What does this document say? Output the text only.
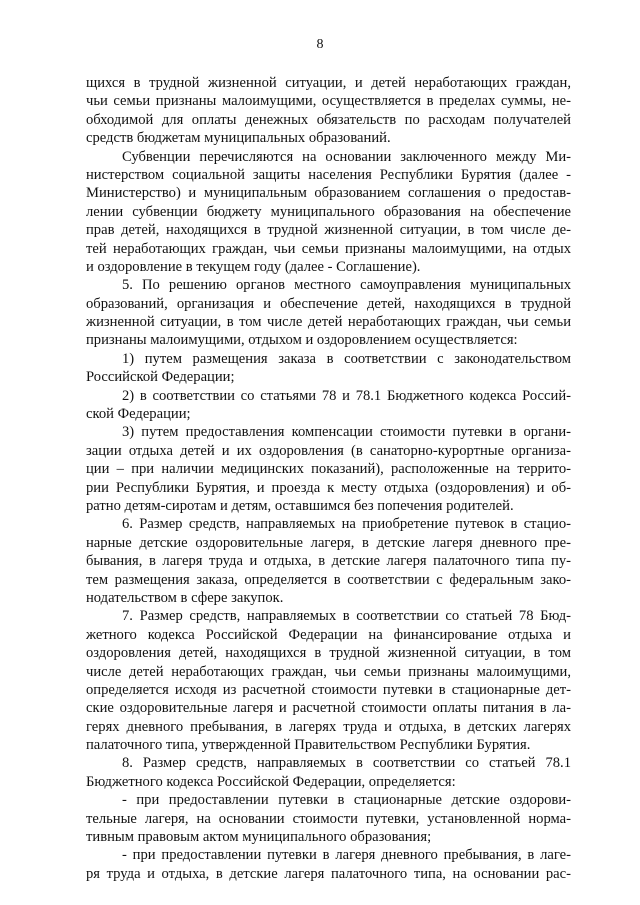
8
щихся в трудной жизненной ситуации, и детей неработающих граждан,
чьи семьи признаны малоимущими, осуществляется в пределах суммы, не-
обходимой для оплаты денежных обязательств по расходам получателей
средств бюджетам муниципальных образований.
Субвенции перечисляются на основании заключенного между Ми-
нистерством социальной защиты населения Республики Бурятия (далее -
Министерство) и муниципальным образованием соглашения о предостав-
лении субвенции бюджету муниципального образования на обеспечение
прав детей, находящихся в трудной жизненной ситуации, в том числе де-
тей неработающих граждан, чьи семьи признаны малоимущими, на отдых
и оздоровление в текущем году (далее - Соглашение).
5. По решению органов местного самоуправления муниципальных
образований, организация и обеспечение детей, находящихся в трудной
жизненной ситуации, в том числе детей неработающих граждан, чьи семьи
признаны малоимущими, отдыхом и оздоровлением осуществляется:
1) путем размещения заказа в соответствии с законодательством
Российской Федерации;
2) в соответствии со статьями 78 и 78.1 Бюджетного кодекса Россий-
ской Федерации;
3) путем предоставления компенсации стоимости путевки в органи-
зации отдыха детей и их оздоровления (в санаторно-курортные организа-
ции – при наличии медицинских показаний), расположенные на террито-
рии Республики Бурятия, и проезда к месту отдыха (оздоровления) и об-
ратно детям-сиротам и детям, оставшимся без попечения родителей.
6. Размер средств, направляемых на приобретение путевок в стацио-
нарные детские оздоровительные лагеря, в детские лагеря дневного пре-
бывания, в лагеря труда и отдыха, в детские лагеря палаточного типа пу-
тем размещения заказа, определяется в соответствии с федеральным зако-
нодательством в сфере закупок.
7. Размер средств, направляемых в соответствии со статьей 78 Бюд-
жетного кодекса Российской Федерации на финансирование отдыха и
оздоровления детей, находящихся в трудной жизненной ситуации, в том
числе детей неработающих граждан, чьи семьи признаны малоимущими,
определяется исходя из расчетной стоимости путевки в стационарные дет-
ские оздоровительные лагеря и расчетной стоимости оплаты питания в ла-
герях дневного пребывания, в лагерях труда и отдыха, в детских лагерях
палаточного типа, утвержденной Правительством Республики Бурятия.
8. Размер средств, направляемых в соответствии со статьей 78.1
Бюджетного кодекса Российской Федерации, определяется:
- при предоставлении путевки в стационарные детские оздорови-
тельные лагеря, на основании стоимости путевки, установленной норма-
тивным правовым актом муниципального образования;
- при предоставлении путевки в лагеря дневного пребывания, в лаге-
ря труда и отдыха, в детские лагеря палаточного типа, на основании рас-
